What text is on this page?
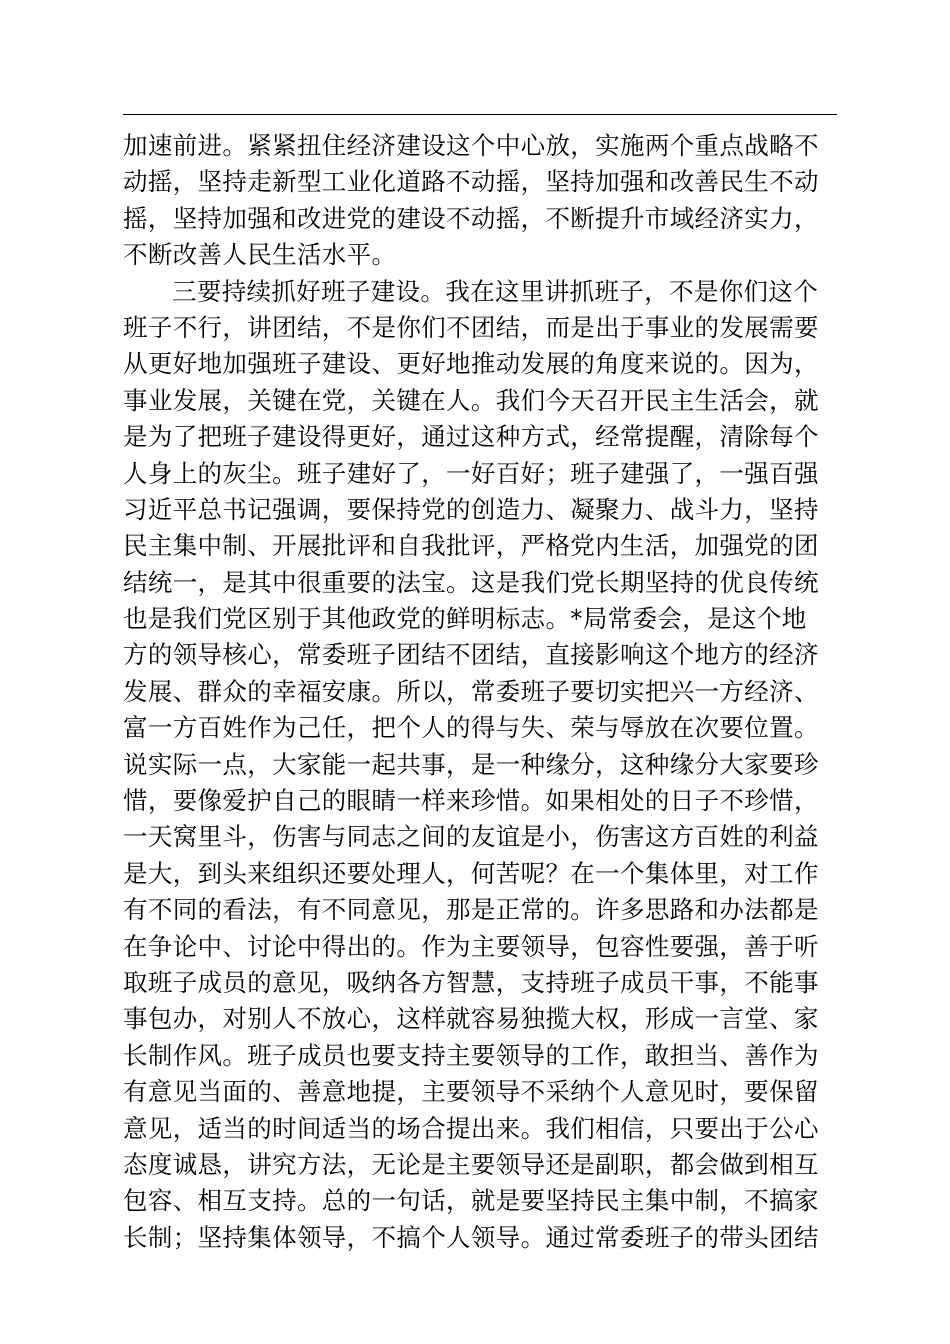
加速前进。紧紧扭住经济建设这个中心放，实施两个重点战略不
动摇，坚持走新型工业化道路不动摇，坚持加强和改善民生不动
摇，坚持加强和改进党的建设不动摇，不断提升市域经济实力，
不断改善人民生活水平。
三要持续抓好班子建设。我在这里讲抓班子，不是你们这个
班子不行，讲团结，不是你们不团结，而是出于事业的发展需要
从更好地加强班子建设、更好地推动发展的角度来说的。因为，
事业发展，关键在党，关键在人。我们今天召开民主生活会，就
是为了把班子建设得更好，通过这种方式，经常提醒，清除每个
人身上的灰尘。班子建好了，一好百好；班子建强了，一强百强
习近平总书记强调，要保持党的创造力、凝聚力、战斗力，坚持
民主集中制、开展批评和自我批评，严格党内生活，加强党的团
结统一，是其中很重要的法宝。这是我们党长期坚持的优良传统
也是我们党区别于其他政党的鲜明标志。*局常委会，是这个地
方的领导核心，常委班子团结不团结，直接影响这个地方的经济
发展、群众的幸福安康。所以，常委班子要切实把兴一方经济、
富一方百姓作为己任，把个人的得与失、荣与辱放在次要位置。
说实际一点，大家能一起共事，是一种缘分，这种缘分大家要珍
惜，要像爱护自己的眼睛一样来珍惜。如果相处的日子不珍惜，
一天窝里斗，伤害与同志之间的友谊是小，伤害这方百姓的利益
是大，到头来组织还要处理人，何苦呢？在一个集体里，对工作
有不同的看法，有不同意见，那是正常的。许多思路和办法都是
在争论中、讨论中得出的。作为主要领导，包容性要强，善于听
取班子成员的意见，吸纳各方智慧，支持班子成员干事，不能事
事包办，对别人不放心，这样就容易独揽大权，形成一言堂、家
长制作风。班子成员也要支持主要领导的工作，敢担当、善作为
有意见当面的、善意地提，主要领导不采纳个人意见时，要保留
意见，适当的时间适当的场合提出来。我们相信，只要出于公心
态度诚恳，讲究方法，无论是主要领导还是副职，都会做到相互
包容、相互支持。总的一句话，就是要坚持民主集中制，不搞家
长制；坚持集体领导，不搞个人领导。通过常委班子的带头团结
